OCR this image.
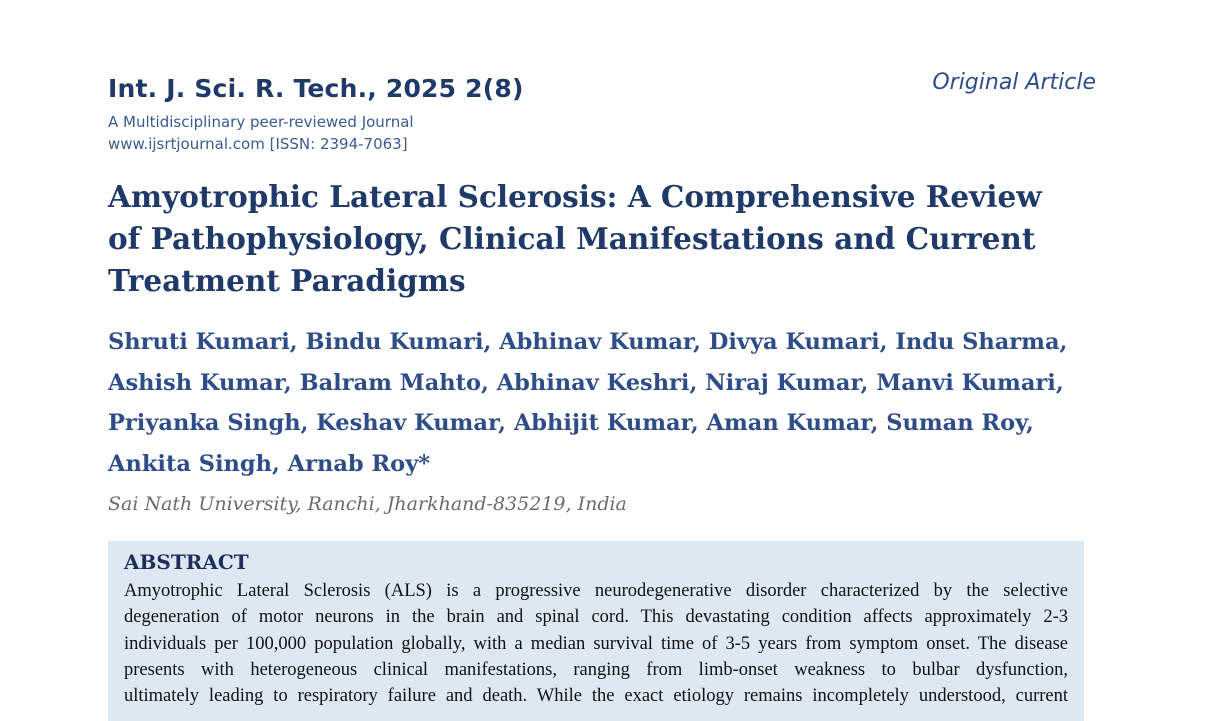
Int. J. Sci. R. Tech., 2025 2(8)	Original Article
A Multidisciplinary peer-reviewed Journal
www.ijsrtjournal.com [ISSN: 2394-7063]
Amyotrophic Lateral Sclerosis: A Comprehensive Review
of Pathophysiology, Clinical Manifestations and Current
Treatment Paradigms
Shruti Kumari, Bindu Kumari, Abhinav Kumar, Divya Kumari, Indu Sharma,
Ashish Kumar, Balram Mahto, Abhinav Keshri, Niraj Kumar, Manvi Kumari,
Priyanka Singh, Keshav Kumar, Abhijit Kumar, Aman Kumar, Suman Roy,
Ankita Singh, Arnab Roy*
Sai Nath University, Ranchi, Jharkhand-835219, India
ABSTRACT
Amyotrophic Lateral Sclerosis (ALS) is a progressive neurodegenerative disorder characterized by the selective
degeneration of motor neurons in the brain and spinal cord. This devastating condition affects approximately 2-3
individuals per 100,000 population globally, with a median survival time of 3-5 years from symptom onset. The disease
presents with heterogeneous clinical manifestations, ranging from limb-onset weakness to bulbar dysfunction,
ultimately leading to respiratory failure and death. While the exact etiology remains incompletely understood, current
